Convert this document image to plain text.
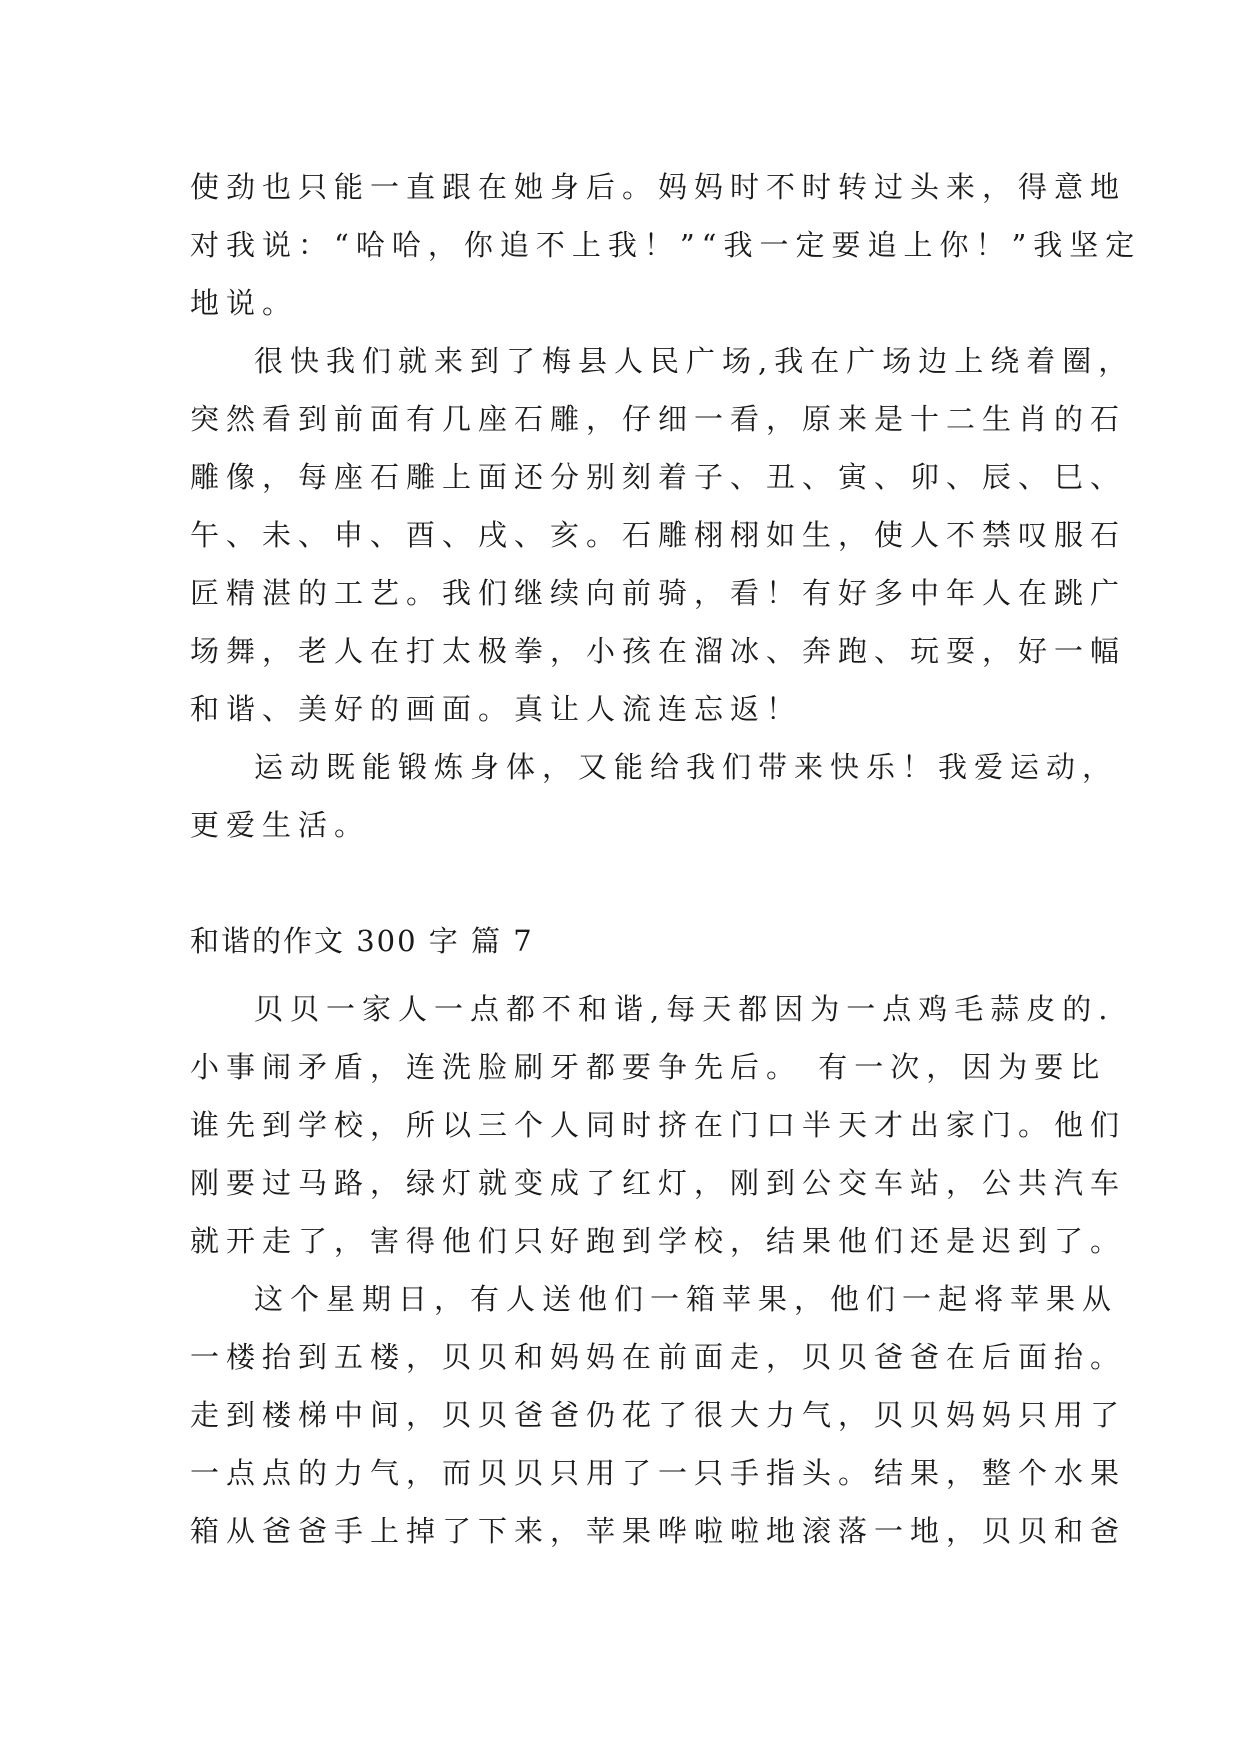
使劲也只能一直跟在她身后。妈妈时不时转过头来，得意地
对我说：“哈哈，你追不上我！”“我一定要追上你！”我坚定
地说。
很快我们就来到了梅县人民广场,我在广场边上绕着圈，
突然看到前面有几座石雕，仔细一看，原来是十二生肖的石
雕像，每座石雕上面还分别刻着子、丑、寅、卯、辰、巳、
午、未、申、酉、戌、亥。石雕栩栩如生，使人不禁叹服石
匠精湛的工艺。我们继续向前骑，看！有好多中年人在跳广
场舞，老人在打太极拳，小孩在溜冰、奔跑、玩耍，好一幅
和谐、美好的画面。真让人流连忘返！
运动既能锻炼身体，又能给我们带来快乐！我爱运动，
更爱生活。
和谐的作文 300 字 篇 7
贝贝一家人一点都不和谐,每天都因为一点鸡毛蒜皮的.
小事闹矛盾，连洗脸刷牙都要争先后。 有一次，因为要比
谁先到学校，所以三个人同时挤在门口半天才出家门。他们
刚要过马路，绿灯就变成了红灯，刚到公交车站，公共汽车
就开走了，害得他们只好跑到学校，结果他们还是迟到了。
这个星期日，有人送他们一箱苹果，他们一起将苹果从
一楼抬到五楼，贝贝和妈妈在前面走，贝贝爸爸在后面抬。
走到楼梯中间，贝贝爸爸仍花了很大力气，贝贝妈妈只用了
一点点的力气，而贝贝只用了一只手指头。结果，整个水果
箱从爸爸手上掉了下来，苹果哗啦啦地滚落一地，贝贝和爸
